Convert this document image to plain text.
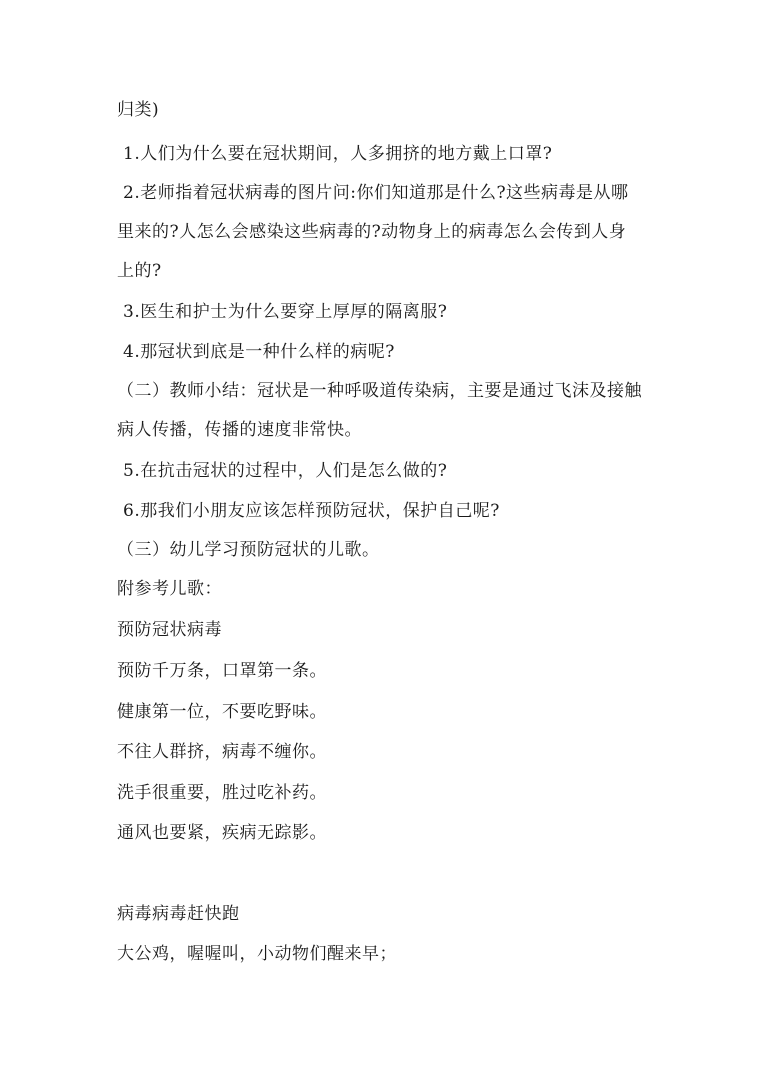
归类)
1.人们为什么要在冠状期间，人多拥挤的地方戴上口罩?
2.老师指着冠状病毒的图片问:你们知道那是什么?这些病毒是从哪
里来的?人怎么会感染这些病毒的?动物身上的病毒怎么会传到人身
上的?
3.医生和护士为什么要穿上厚厚的隔离服?
4.那冠状到底是一种什么样的病呢?
（二）教师小结：冠状是一种呼吸道传染病，主要是通过飞沫及接触
病人传播，传播的速度非常快。
5.在抗击冠状的过程中，人们是怎么做的?
6.那我们小朋友应该怎样预防冠状，保护自己呢?
（三）幼儿学习预防冠状的儿歌。
附参考儿歌：
预防冠状病毒
预防千万条，口罩第一条。
健康第一位，不要吃野味。
不往人群挤，病毒不缠你。
洗手很重要，胜过吃补药。
通风也要紧，疾病无踪影。
病毒病毒赶快跑
大公鸡，喔喔叫，小动物们醒来早；
